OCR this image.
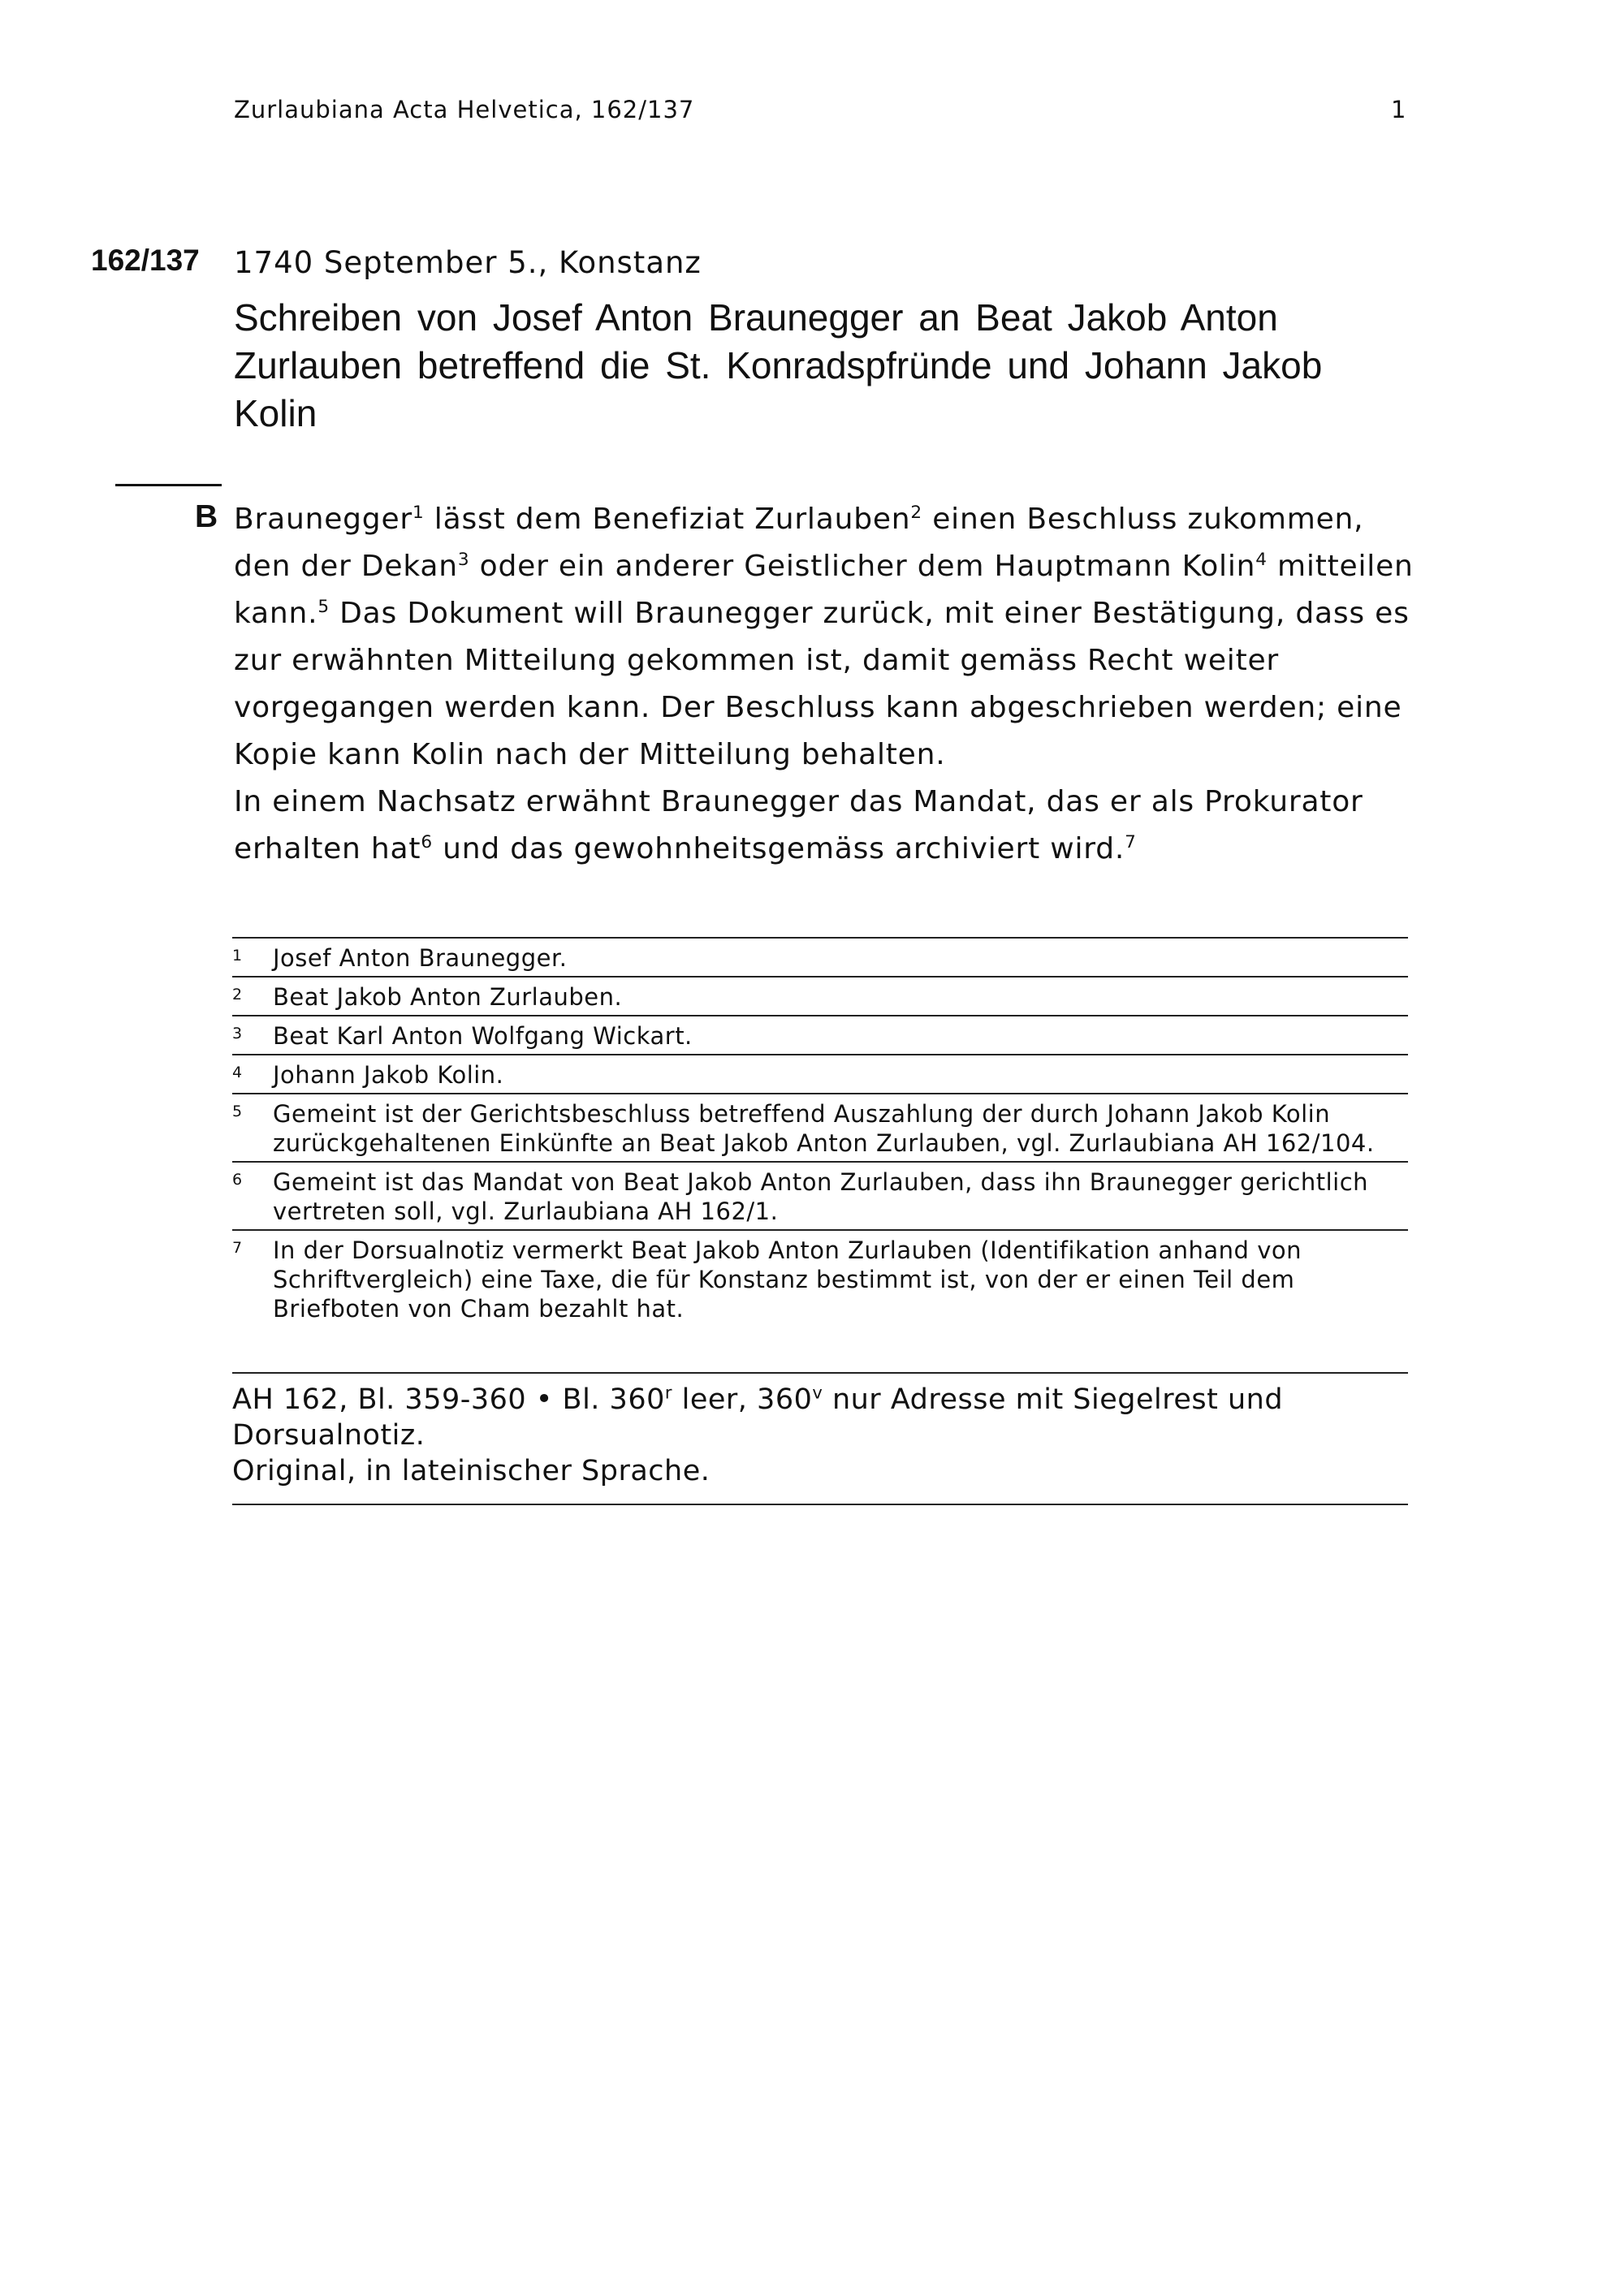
Zurlaubiana Acta Helvetica, 162/137	1
162/137 1740 September 5., Konstanz
Schreiben von Josef Anton Braunegger an Beat Jakob Anton Zurlauben betreffend die St. Konradspfründe und Johann Jakob Kolin
B Braunegger$^1$ lässt dem Benefiziat Zurlauben$^2$ einen Beschluss zukommen, den der Dekan$^3$ oder ein anderer Geistlicher dem Hauptmann Kolin$^4$ mitteilen kann.$^5$ Das Dokument will Braunegger zurück, mit einer Bestätigung, dass es zur erwähnten Mitteilung gekommen ist, damit gemäss Recht weiter vorgegangen werden kann. Der Beschluss kann abgeschrieben werden; eine Kopie kann Kolin nach der Mitteilung behalten.

In einem Nachsatz erwähnt Braunegger das Mandat, das er als Prokurator erhalten hat$^6$ und das gewohnheitsgemäss archiviert wird.$^7$

1 Josef Anton Braunegger.
2 Beat Jakob Anton Zurlauben.
3 Beat Karl Anton Wolfgang Wickart.
4 Johann Jakob Kolin.
5 Gemeint ist der Gerichtsbeschluss betreffend Auszahlung der durch Johann Jakob Kolin zurückgehaltenen Einkünfte an Beat Jakob Anton Zurlauben, vgl. Zurlaubiana AH 162/104.
6 Gemeint ist das Mandat von Beat Jakob Anton Zurlauben, dass ihn Braunegger gerichtlich vertreten soll, vgl. Zurlaubiana AH 162/1.
7 In der Dorsualnotiz vermerkt Beat Jakob Anton Zurlauben (Identifikation anhand von Schriftvergleich) eine Taxe, die für Konstanz bestimmt ist, von der er einen Teil dem Briefboten von Cham bezahlt hat.

AH 162, Bl. 359-360 • Bl. 360$^r$ leer, 360$^v$ nur Adresse mit Siegelrest und Dorsualnotiz.

Original, in lateinischer Sprache.
